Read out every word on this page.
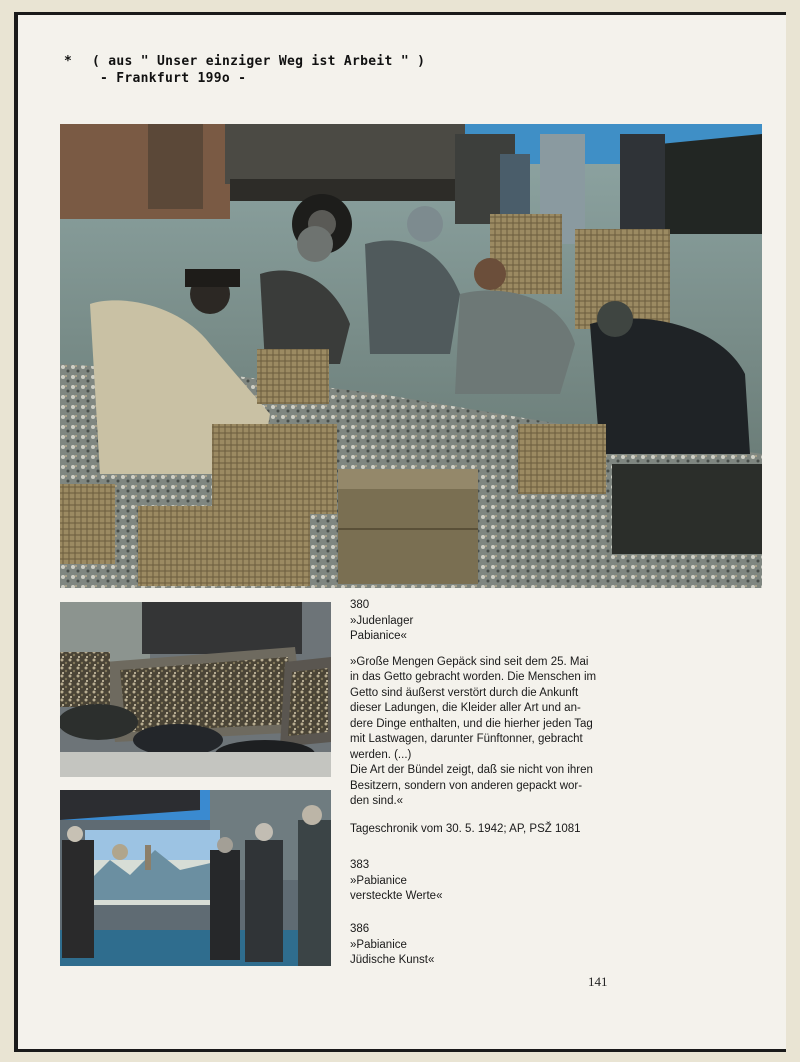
* ( aus " Unser einziger Weg ist Arbeit " )
- Frankfurt 199o -
380
»Judenlager
Pabianice«
»Große Mengen Gepäck sind seit dem 25. Mai
in das Getto gebracht worden. Die Menschen im
Getto sind äußerst verstört durch die Ankunft
dieser Ladungen, die Kleider aller Art und an-
dere Dinge enthalten, und die hierher jeden Tag
mit Lastwagen, darunter Fünftonner, gebracht
werden. (...)
Die Art der Bündel zeigt, daß sie nicht von ihren
Besitzern, sondern von anderen gepackt wor-
den sind.«
Tageschronik vom 30. 5. 1942; AP, PSŽ 1081
383
»Pabianice
versteckte Werte«
386
»Pabianice
Jüdische Kunst«
141
